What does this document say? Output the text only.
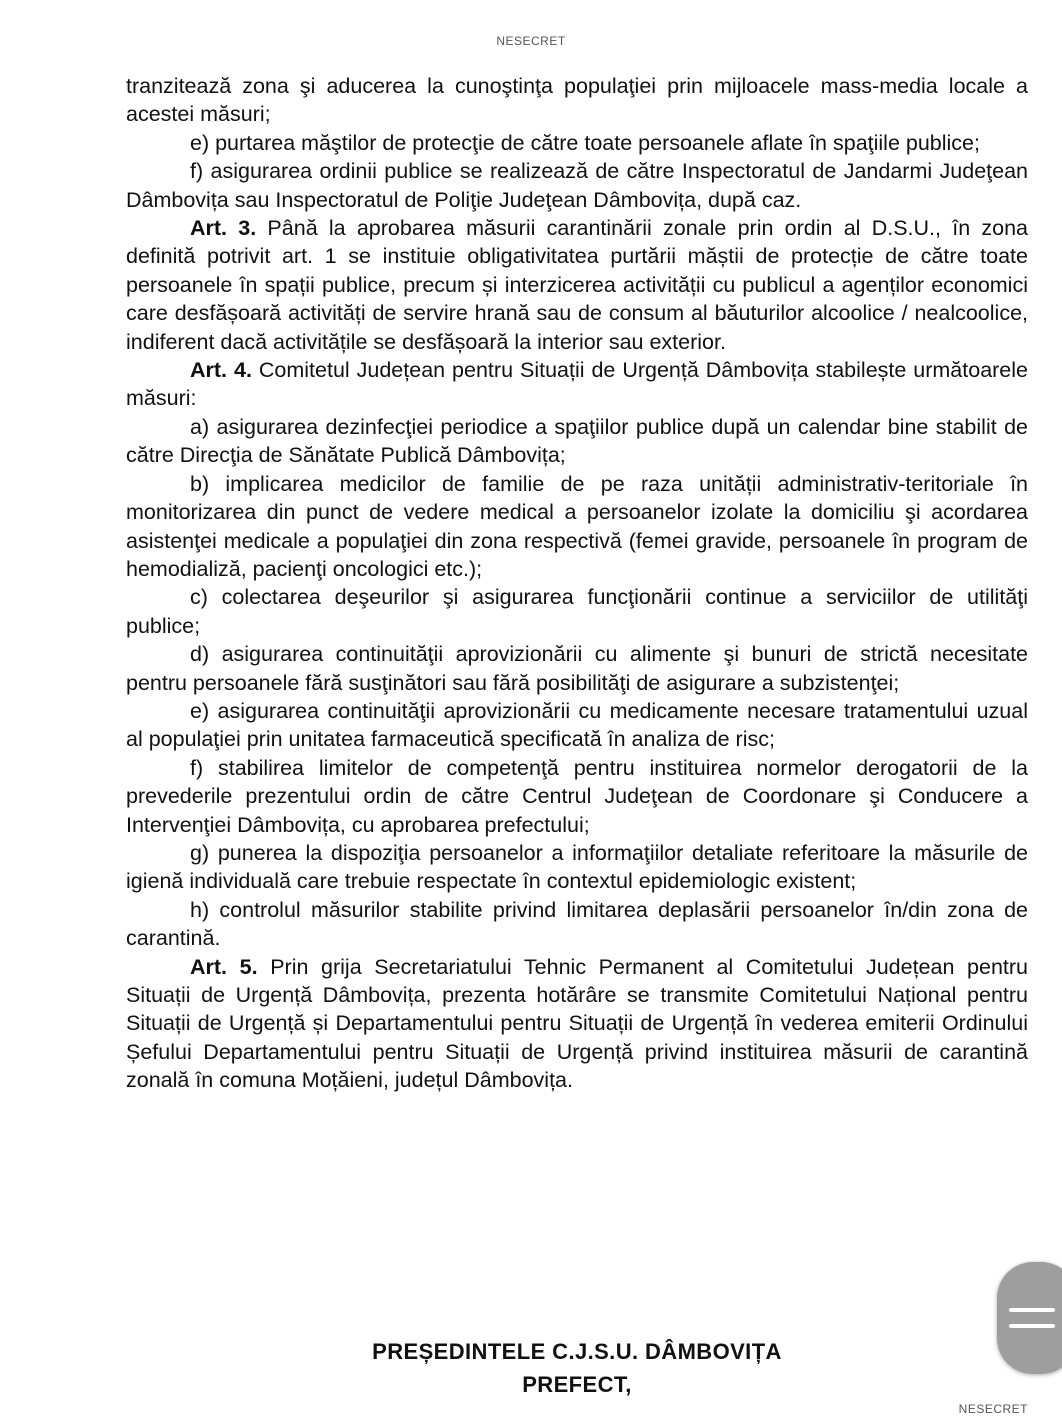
NESECRET

tranzitează zona şi aducerea la cunoştinţa populaţiei prin mijloacele mass-media locale a acestei măsuri;

e) purtarea măştilor de protecţie de către toate persoanele aflate în spaţiile publice;

f) asigurarea ordinii publice se realizează de către Inspectoratul de Jandarmi Judeţean Dâmbovița sau Inspectoratul de Poliţie Judeţean Dâmbovița, după caz.

Art. 3. Până la aprobarea măsurii carantinării zonale prin ordin al D.S.U., în zona definită potrivit art. 1 se instituie obligativitatea purtării măștii de protecție de către toate persoanele în spații publice, precum și interzicerea activității cu publicul a agenților economici care desfășoară activități de servire hrană sau de consum al băuturilor alcoolice / nealcoolice, indiferent dacă activitățile se desfășoară la interior sau exterior.

Art. 4. Comitetul Județean pentru Situații de Urgență Dâmbovița stabilește următoarele măsuri:

a) asigurarea dezinfecţiei periodice a spaţiilor publice după un calendar bine stabilit de către Direcţia de Sănătate Publică Dâmbovița;

b) implicarea medicilor de familie de pe raza unității administrativ-teritoriale în monitorizarea din punct de vedere medical a persoanelor izolate la domiciliu şi acordarea asistenţei medicale a populaţiei din zona respectivă (femei gravide, persoanele în program de hemodializă, pacienţi oncologici etc.);

c) colectarea deşeurilor şi asigurarea funcţionării continue a serviciilor de utilităţi publice;

d) asigurarea continuităţii aprovizionării cu alimente şi bunuri de strictă necesitate pentru persoanele fără susţinători sau fără posibilităţi de asigurare a subzistenţei;

e) asigurarea continuităţii aprovizionării cu medicamente necesare tratamentului uzual al populaţiei prin unitatea farmaceutică specificată în analiza de risc;

f) stabilirea limitelor de competenţă pentru instituirea normelor derogatorii de la prevederile prezentului ordin de către Centrul Judeţean de Coordonare şi Conducere a Intervenţiei Dâmbovița, cu aprobarea prefectului;

g) punerea la dispoziţia persoanelor a informaţiilor detaliate referitoare la măsurile de igienă individuală care trebuie respectate în contextul epidemiologic existent;

h) controlul măsurilor stabilite privind limitarea deplasării persoanelor în/din zona de carantină.

Art. 5. Prin grija Secretariatului Tehnic Permanent al Comitetului Județean pentru Situații de Urgență Dâmbovița, prezenta hotărâre se transmite Comitetului Național pentru Situații de Urgență și Departamentului pentru Situații de Urgență în vederea emiterii Ordinului Șefului Departamentului pentru Situații de Urgență privind instituirea măsurii de carantină zonală în comuna Moțăieni, județul Dâmbovița.

PREȘEDINTELE C.J.S.U. DÂMBOVIȚA
PREFECT,
NESECRET
